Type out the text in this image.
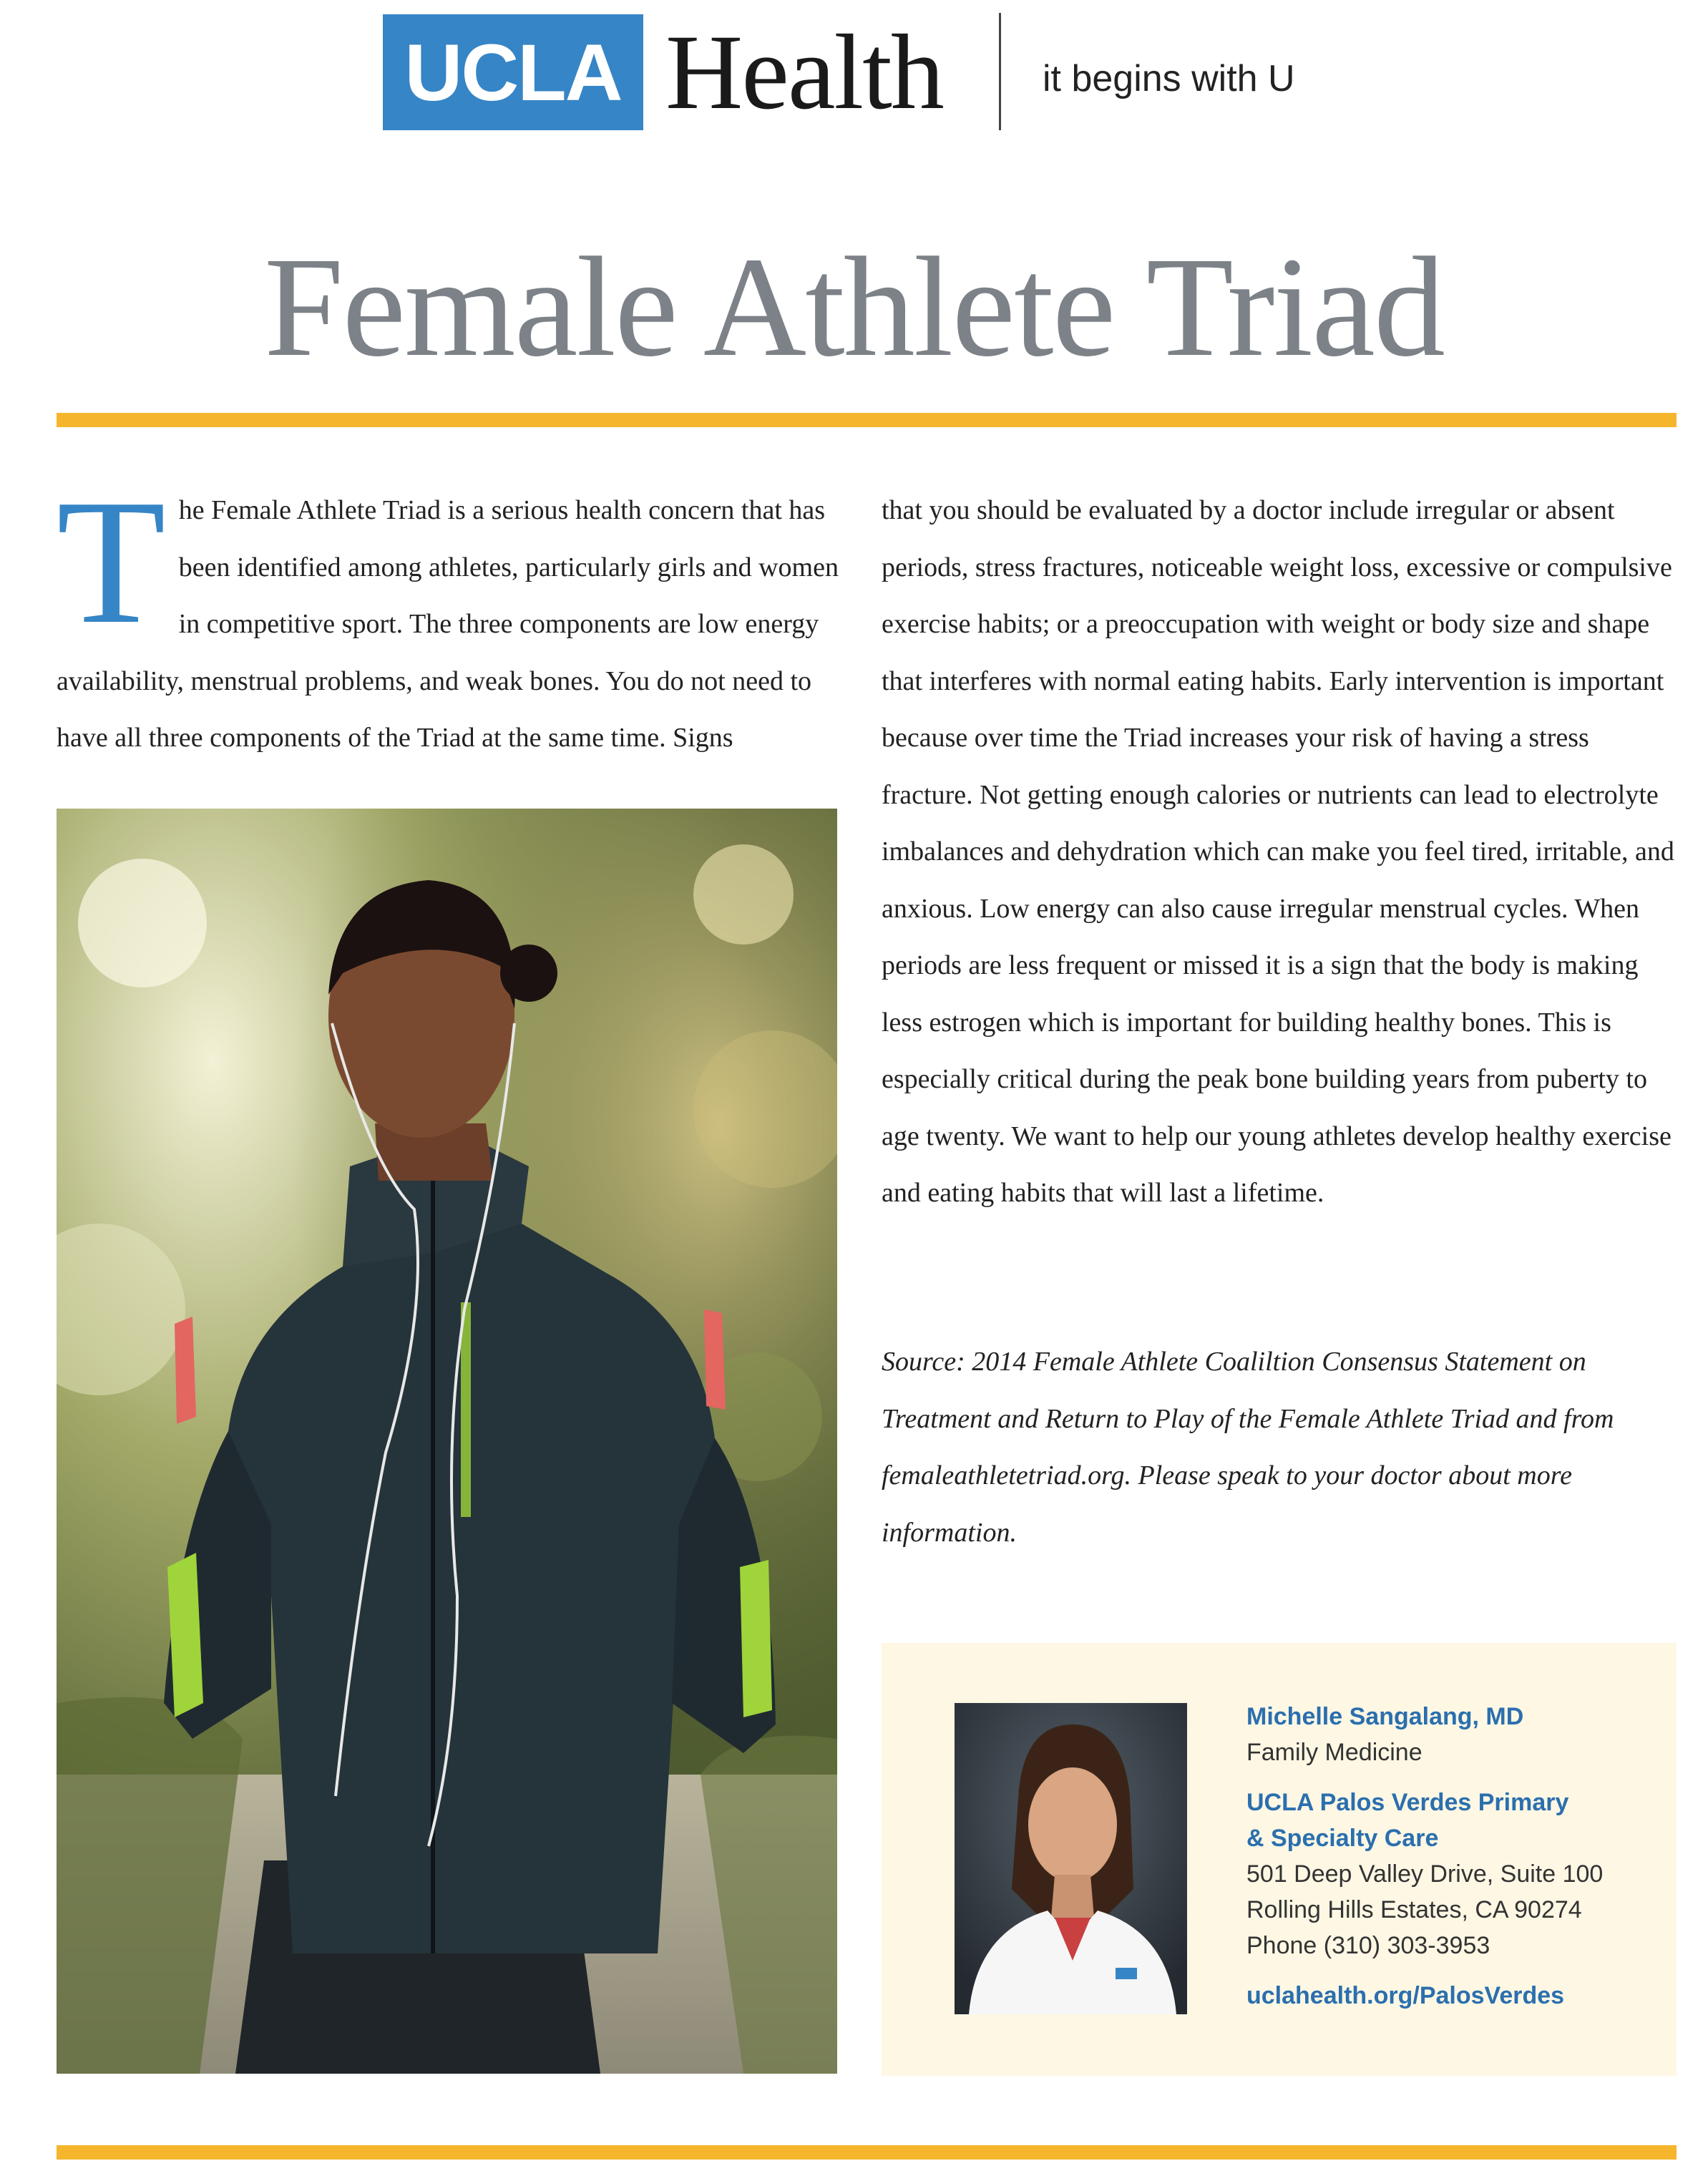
UCLA Health	it begins with U
Female Athlete Triad
The Female Athlete Triad is a serious health concern that has been identified among athletes, particularly girls and women in competitive sport. The three components are low energy availability, menstrual problems, and weak bones. You do not need to have all three components of the Triad at the same time. Signs
that you should be evaluated by a doctor include irregular or absent periods, stress fractures, noticeable weight loss, excessive or compulsive exercise habits; or a preoccupation with weight or body size and shape that interferes with normal eating habits. Early intervention is important because over time the Triad increases your risk of having a stress fracture. Not getting enough calories or nutrients can lead to electrolyte imbalances and dehydration which can make you feel tired, irritable, and anxious. Low energy can also cause irregular menstrual cycles. When periods are less frequent or missed it is a sign that the body is making less estrogen which is important for building healthy bones. This is especially critical during the peak bone building years from puberty to age twenty. We want to help our young athletes develop healthy exercise and eating habits that will last a lifetime.
Source: 2014 Female Athlete Coaliltion Consensus Statement on Treatment and Return to Play of the Female Athlete Triad and from femaleathletetriad.org. Please speak to your doctor about more information.
Michelle Sangalang, MD
Family Medicine
UCLA Palos Verdes Primary
& Specialty Care
501 Deep Valley Drive, Suite 100
Rolling Hills Estates, CA 90274
Phone (310) 303-3953
uclahealth.org/PalosVerdes
